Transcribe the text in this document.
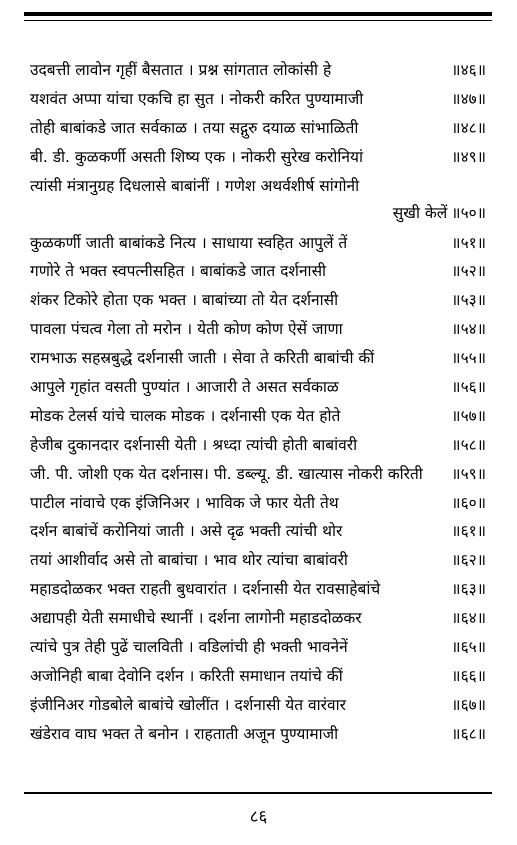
उदबत्ती लावोन गृहीं बैसतात । प्रश्न सांगतात लोकांसी हे	॥४६॥
यशवंत अप्पा यांचा एकचि हा सुत । नोकरी करित पुण्यामाजी	॥४७॥
तोही बाबांकडे जात सर्वकाळ । तया सद्गुरु दयाळ सांभाळिती	॥४८॥
बी. डी. कुळकर्णी असती शिष्य एक । नोकरी सुरेख करोनियां	॥४९॥
त्यांसी मंत्रानुग्रह दिधलासे बाबांनीं । गणेश अथर्वशीर्ष सांगोनी
सुखी केलें ॥५०॥
कुळकर्णी जाती बाबांकडे नित्य । साधाया स्वहित आपुलें तें	॥५१॥
गणोरे ते भक्त स्वपत्नीसहित । बाबांकडे जात दर्शनासी	॥५२॥
शंकर टिकोरे होता एक भक्त । बाबांच्या तो येत दर्शनासी	॥५३॥
पावला पंचत्व गेला तो मरोन । येती कोण कोण ऐसें जाणा	॥५४॥
रामभाऊ सहस्रबुद्धे दर्शनासी जाती । सेवा ते करिती बाबांची कीं	॥५५॥
आपुले गृहांत वसती पुण्यांत । आजारी ते असत सर्वकाळ	॥५६॥
मोडक टेलर्स यांचे चालक मोडक । दर्शनासी एक येत होते	॥५७॥
हेजीब दुकानदार दर्शनासी येती । श्रध्दा त्यांची होती बाबांवरी	॥५८॥
जी. पी. जोशी एक येत दर्शनास। पी. डब्ल्यू. डी. खात्यास नोकरी करिती ॥५९॥
पाटील नांवाचे एक इंजिनिअर । भाविक जे फार येती तेथ	॥६०॥
दर्शन बाबांचें करोनियां जाती । असे दृढ भक्ती त्यांची थोर	॥६१॥
तयां आशीर्वाद असे तो बाबांचा । भाव थोर त्यांचा बाबांवरी	॥६२॥
महाडदोळकर भक्त राहती बुधवारांत । दर्शनासी येत रावसाहेबांचे	॥६३॥
अद्यापही येती समाधीचे स्थानीं । दर्शना लागोनी महाडदोळकर	॥६४॥
त्यांचे पुत्र तेही पुढें चालविती । वडिलांची ही भक्ती भावनेनें	॥६५॥
अजोनिही बाबा देवोनि दर्शन । करिती समाधान तयांचे कीं	॥६६॥
इंजीनिअर गोडबोले बाबांचे खोलींत । दर्शनासी येत वारंवार	॥६७॥
खंडेराव वाघ भक्त ते बनोन । राहताती अजून पुण्यामाजी	॥६८॥
८६
